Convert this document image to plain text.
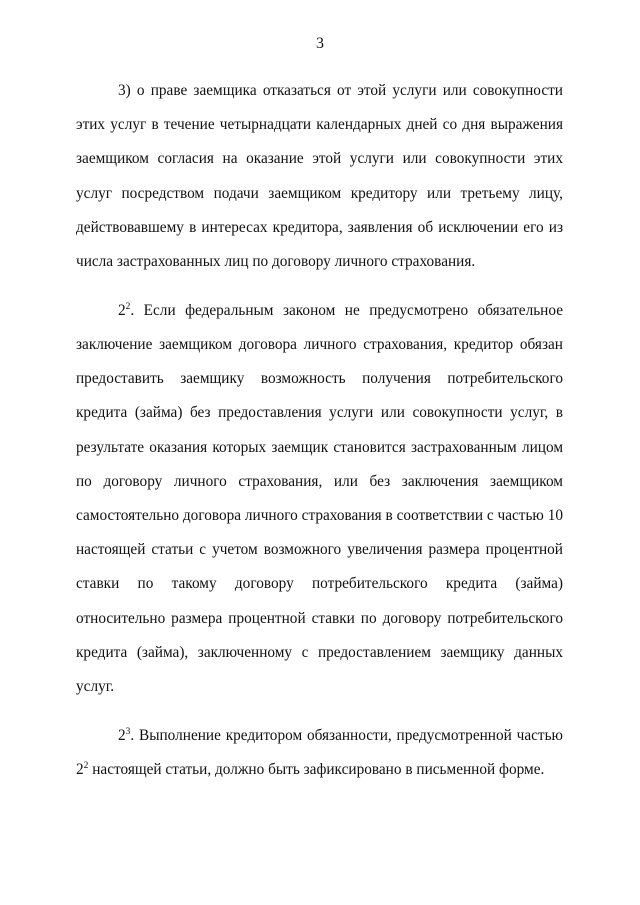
3

3) о праве заемщика отказаться от этой услуги или совокупности этих услуг в течение четырнадцати календарных дней со дня выражения заемщиком согласия на оказание этой услуги или совокупности этих услуг посредством подачи заемщиком кредитору или третьему лицу, действовавшему в интересах кредитора, заявления об исключении его из числа застрахованных лиц по договору личного страхования.

$2^2$. Если федеральным законом не предусмотрено обязательное заключение заемщиком договора личного страхования, кредитор обязан предоставить заемщику возможность получения потребительского кредита (займа) без предоставления услуги или совокупности услуг, в результате оказания которых заемщик становится застрахованным лицом по договору личного страхования, или без заключения заемщиком самостоятельно договора личного страхования в соответствии с частью 10 настоящей статьи с учетом возможного увеличения размера процентной ставки по такому договору потребительского кредита (займа) относительно размера процентной ставки по договору потребительского кредита (займа), заключенному с предоставлением заемщику данных услуг.

$2^3$. Выполнение кредитором обязанности, предусмотренной частью $2^2$ настоящей статьи, должно быть зафиксировано в письменной форме.
